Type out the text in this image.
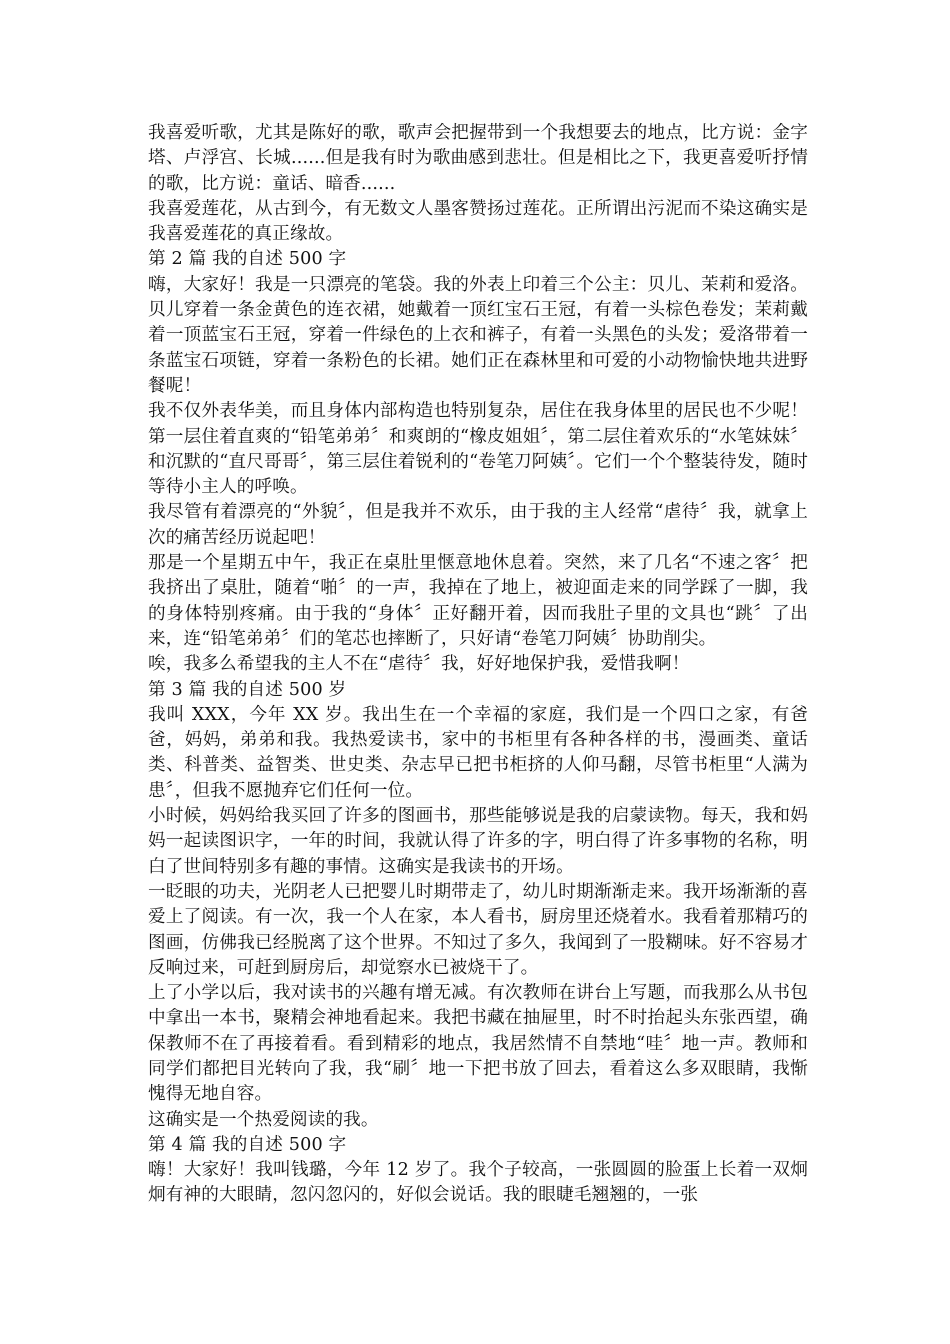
我喜爱听歌，尤其是陈好的歌，歌声会把握带到一个我想要去的地点，比方说：金字塔、卢浮宫、长城......但是我有时为歌曲感到悲壮。但是相比之下，我更喜爱听抒情的歌，比方说：童话、暗香......

我喜爱莲花，从古到今，有无数文人墨客赞扬过莲花。正所谓出污泥而不染这确实是我喜爱莲花的真正缘故。

第 2 篇 我的自述 500 字

嗨，大家好！我是一只漂亮的笔袋。我的外表上印着三个公主：贝儿、茉莉和爱洛。贝儿穿着一条金黄色的连衣裙，她戴着一顶红宝石王冠，有着一头棕色卷发；茉莉戴着一顶蓝宝石王冠，穿着一件绿色的上衣和裤子，有着一头黑色的头发；爱洛带着一条蓝宝石项链，穿着一条粉色的长裙。她们正在森林里和可爱的小动物愉快地共进野餐呢！

我不仅外表华美，而且身体内部构造也特别复杂，居住在我身体里的居民也不少呢！第一层住着直爽的“铅笔弟弟〞和爽朗的“橡皮姐姐〞，第二层住着欢乐的“水笔妹妹〞和沉默的“直尺哥哥〞，第三层住着锐利的“卷笔刀阿姨〞。它们一个个整装待发，随时等待小主人的呼唤。

我尽管有着漂亮的“外貌〞，但是我并不欢乐，由于我的主人经常“虐待〞我，就拿上次的痛苦经历说起吧！

那是一个星期五中午，我正在桌肚里惬意地休息着。突然，来了几名“不速之客〞把我挤出了桌肚，随着“啪〞的一声，我掉在了地上，被迎面走来的同学踩了一脚，我的身体特别疼痛。由于我的“身体〞正好翻开着，因而我肚子里的文具也“跳〞了出来，连“铅笔弟弟〞们的笔芯也摔断了，只好请“卷笔刀阿姨〞协助削尖。

唉，我多么希望我的主人不在“虐待〞我，好好地保护我，爱惜我啊！

第 3 篇 我的自述 500 岁

我叫 XXX，今年 XX 岁。我出生在一个幸福的家庭，我们是一个四口之家，有爸爸，妈妈，弟弟和我。我热爱读书，家中的书柜里有各种各样的书，漫画类、童话类、科普类、益智类、世史类、杂志早已把书柜挤的人仰马翻，尽管书柜里“人满为患〞，但我不愿抛弃它们任何一位。

小时候，妈妈给我买回了许多的图画书，那些能够说是我的启蒙读物。每天，我和妈妈一起读图识字，一年的时间，我就认得了许多的字，明白得了许多事物的名称，明白了世间特别多有趣的事情。这确实是我读书的开场。

一眨眼的功夫，光阴老人已把婴儿时期带走了，幼儿时期渐渐走来。我开场渐渐的喜爱上了阅读。有一次，我一个人在家，本人看书，厨房里还烧着水。我看着那精巧的图画，仿佛我已经脱离了这个世界。不知过了多久，我闻到了一股糊味。好不容易才反响过来，可赶到厨房后，却觉察水已被烧干了。

上了小学以后，我对读书的兴趣有增无减。有次教师在讲台上写题，而我那么从书包中拿出一本书，聚精会神地看起来。我把书藏在抽屉里，时不时抬起头东张西望，确保教师不在了再接着看。看到精彩的地点，我居然情不自禁地“哇〞地一声。教师和同学们都把目光转向了我，我“刷〞地一下把书放了回去，看着这么多双眼睛，我惭愧得无地自容。

这确实是一个热爱阅读的我。

第 4 篇 我的自述 500 字

嗨！大家好！我叫钱璐，今年 12 岁了。我个子较高，一张圆圆的脸蛋上长着一双炯炯有神的大眼睛，忽闪忽闪的，好似会说话。我的眼睫毛翘翘的，一张
